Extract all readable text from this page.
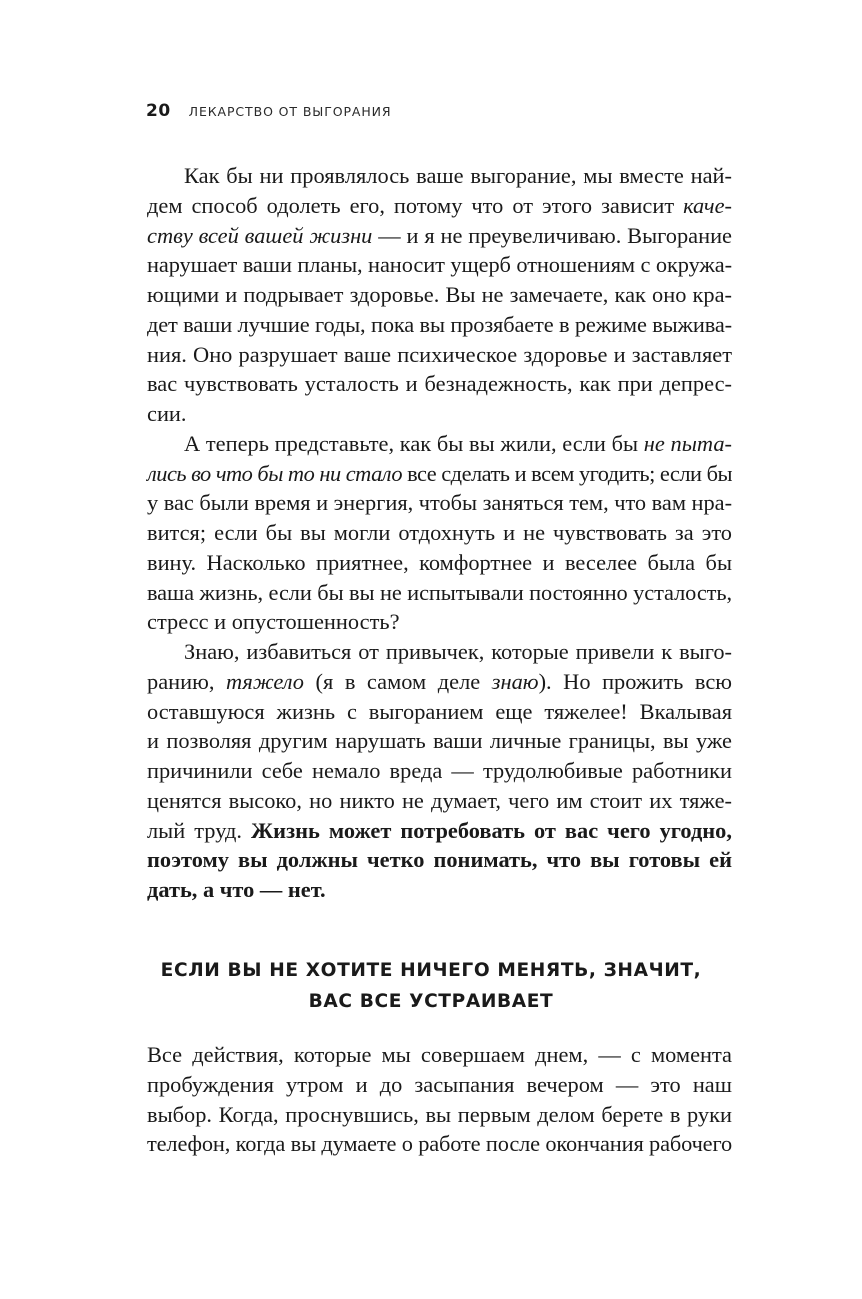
20 ЛЕКАРСТВО ОТ ВЫГОРАНИЯ
Как бы ни проявлялось ваше выгорание, мы вместе най-
дем способ одолеть его, потому что от этого зависит каче-
ству всей вашей жизни — и я не преувеличиваю. Выгорание
нарушает ваши планы, наносит ущерб отношениям с окружа-
ющими и подрывает здоровье. Вы не замечаете, как оно кра-
дет ваши лучшие годы, пока вы прозябаете в режиме выжива-
ния. Оно разрушает ваше психическое здоровье и заставляет
вас чувствовать усталость и безнадежность, как при депрес-
сии.
А теперь представьте, как бы вы жили, если бы не пыта-
лись во что бы то ни стало все сделать и всем угодить; если бы
у вас были время и энергия, чтобы заняться тем, что вам нра-
вится; если бы вы могли отдохнуть и не чувствовать за это
вину. Насколько приятнее, комфортнее и веселее была бы
ваша жизнь, если бы вы не испытывали постоянно усталость,
стресс и опустошенность?
Знаю, избавиться от привычек, которые привели к выго-
ранию, тяжело (я в самом деле знаю). Но прожить всю
оставшуюся жизнь с выгоранием еще тяжелее! Вкалывая
и позволяя другим нарушать ваши личные границы, вы уже
причинили себе немало вреда — трудолюбивые работники
ценятся высоко, но никто не думает, чего им стоит их тяже-
лый труд. Жизнь может потребовать от вас чего угодно,
поэтому вы должны четко понимать, что вы готовы ей
дать, а что — нет.
ЕСЛИ ВЫ НЕ ХОТИТЕ НИЧЕГО МЕНЯТЬ, ЗНАЧИТ,
ВАС ВСЕ УСТРАИВАЕТ
Все действия, которые мы совершаем днем, — с момента
пробуждения утром и до засыпания вечером — это наш
выбор. Когда, проснувшись, вы первым делом берете в руки
телефон, когда вы думаете о работе после окончания рабочего
